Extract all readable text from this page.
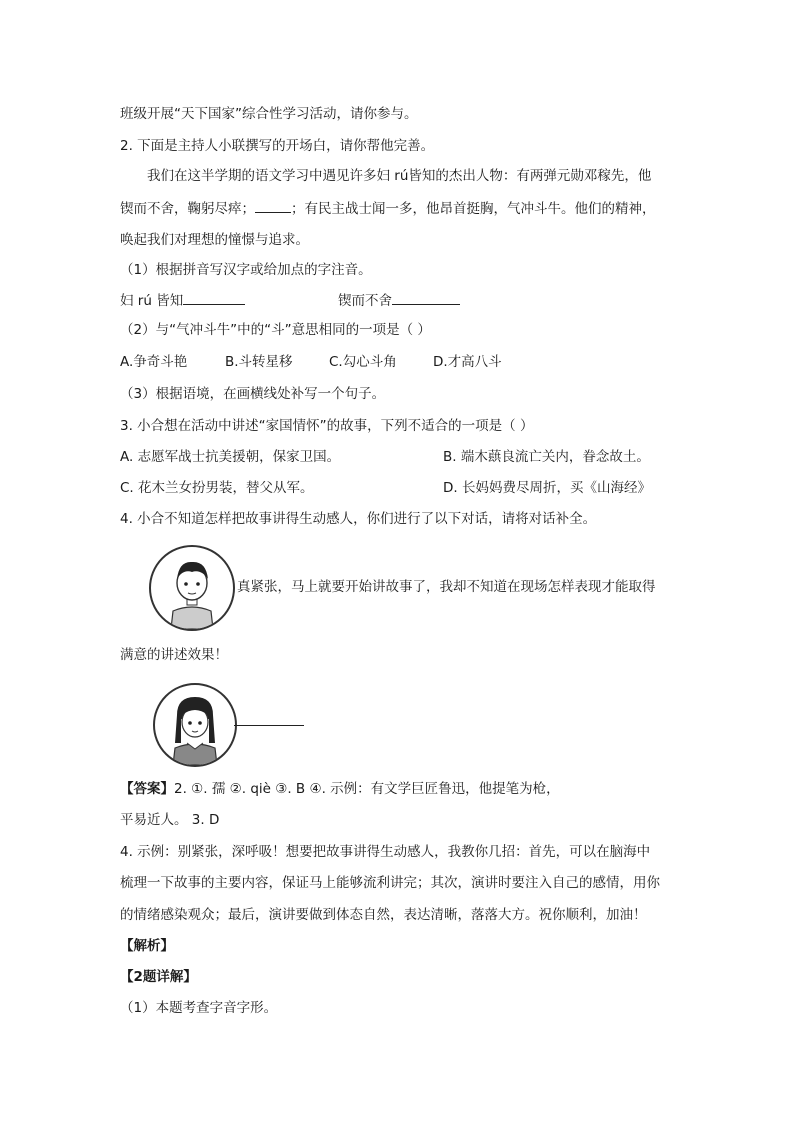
班级开展“天下国家”综合性学习活动，请你参与。
2. 下面是主持人小联撰写的开场白，请你帮他完善。
我们在这半学期的语文学习中遇见许多妇 rú皆知的杰出人物：有两弹元勋邓稼先，他
锲而不舍，鞠躬尽瘁；	；有民主战士闻一多，他昂首挺胸，气冲斗牛。他们的精神，
唤起我们对理想的憧憬与追求。
（1）根据拼音写汉字或给加点的字注音。
妇 rú 皆知	锲而不舍
（2）与“气冲斗牛”中的“斗”意思相同的一项是（ ）
A.争奇斗艳	B.斗转星移	C.勾心斗角	D.才高八斗
（3）根据语境，在画横线处补写一个句子。
3. 小合想在活动中讲述“家国情怀”的故事，下列不适合的一项是（ ）
A. 志愿军战士抗美援朝，保家卫国。	B. 端木蕻良流亡关内，眷念故土。
C. 花木兰女扮男装，替父从军。	D. 长妈妈费尽周折，买《山海经》
4. 小合不知道怎样把故事讲得生动感人，你们进行了以下对话，请将对话补全。
真紧张，马上就要开始讲故事了，我却不知道在现场怎样表现才能取得
满意的讲述效果！
【答案】2. ①. 孺 ②. qiè ③. B ④. 示例：有文学巨匠鲁迅，他提笔为枪，
平易近人。 3. D
4. 示例：别紧张，深呼吸！想要把故事讲得生动感人，我教你几招：首先，可以在脑海中
梳理一下故事的主要内容，保证马上能够流利讲完；其次，演讲时要注入自己的感情，用你
的情绪感染观众；最后，演讲要做到体态自然，表达清晰，落落大方。祝你顺利，加油！
【解析】
【2题详解】
（1）本题考查字音字形。
